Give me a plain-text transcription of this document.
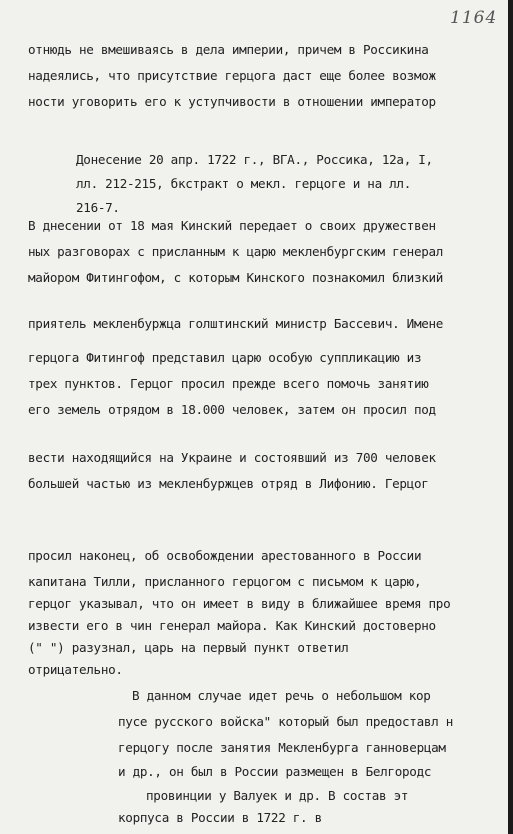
1164
отнюдь не вмешиваясь в дела империи, причем в Россикина
надеялись, что присутствие герцога даст еще более возмож
ности уговорить его к уступчивости в отношении император
Донесение 20 апр. 1722 г., ВГА., Россика, 12а, I,
лл. 212-215, бкстракт о мекл. герцоге и на лл.
216-7.
В днесении от 18 мая Кинский передает о своих дружествен
ных разговорах с присланным к царю мекленбургским генерал
майором Фитингофом, с которым Кинского познакомил близкий
приятель мекленбуржца голштинский министр Бассевич. Имене
герцога Фитингоф представил царю особую суппликацию из
трех пунктов. Герцог просил прежде всего помочь занятию
его земель отрядом в 18.000 человек, затем он просил под
вести находящийся на Украине и состоявший из 700 человек
большей частью из мекленбуржцев отряд в Лифонию. Герцог
просил наконец, об освобождении арестованного в России
капитана Тилли, присланного герцогом с письмом к царю,
герцог указывал, что он имеет в виду в ближайшее время про
извести его в чин генерал майора. Как Кинский достоверно
(" ") разузнал, царь на первый пункт ответил
отрицательно.
В данном случае идет речь о небольшом кор
пусе русского войска" который был предоставл н
герцогу после занятия Мекленбурга ганноверцам
и др., он был в России размещен в Белгородс
провинции у Валуек и др. В состав эт
корпуса в России в 1722 г. в
